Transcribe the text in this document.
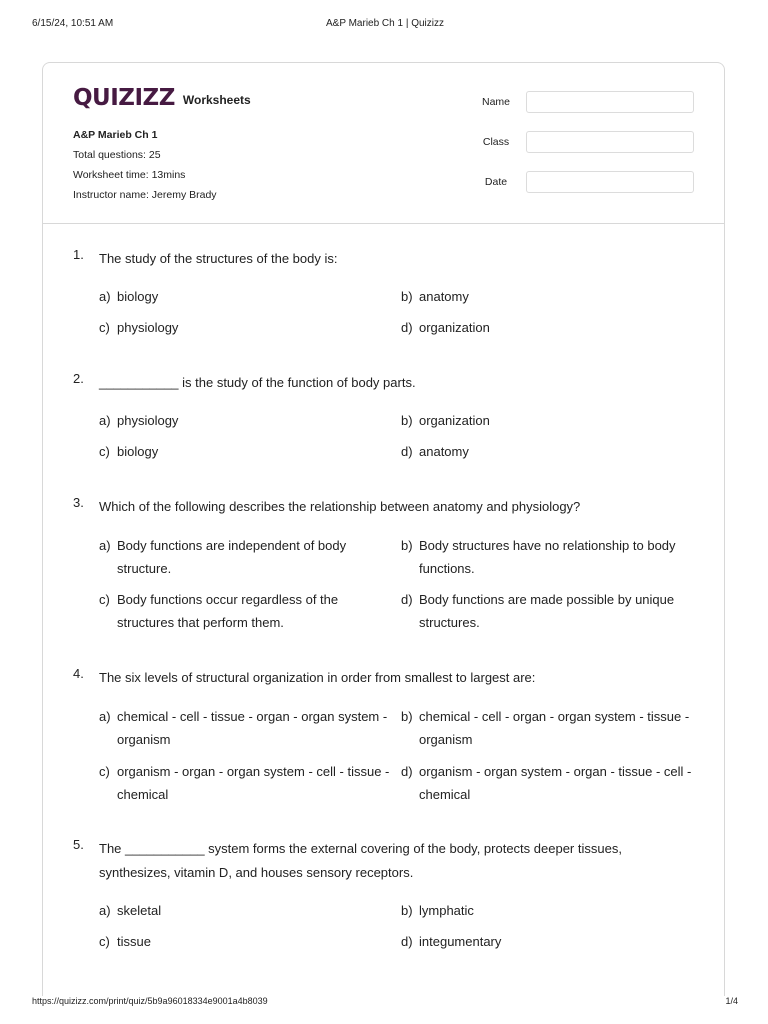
6/15/24, 10:51 AM	A&P Marieb Ch 1 | Quizizz
QUIZIZZ Worksheets
A&P Marieb Ch 1
Total questions: 25
Worksheet time: 13mins
Instructor name: Jeremy Brady
Name
Class
Date
1. The study of the structures of the body is:
a) biology	b) anatomy
c) physiology	d) organization
2. ___________ is the study of the function of body parts.
a) physiology	b) organization
c) biology	d) anatomy
3. Which of the following describes the relationship between anatomy and physiology?
a) Body functions are independent of body structure.
b) Body structures have no relationship to body functions.
c) Body functions occur regardless of the structures that perform them.
d) Body functions are made possible by unique structures.
4. The six levels of structural organization in order from smallest to largest are:
a) chemical - cell - tissue - organ - organ system - organism
b) chemical - cell - organ - organ system - tissue - organism
c) organism - organ - organ system - cell - tissue - chemical
d) organism - organ system - organ - tissue - cell - chemical
5. The ___________ system forms the external covering of the body, protects deeper tissues, synthesizes, vitamin D, and houses sensory receptors.
a) skeletal	b) lymphatic
c) tissue	d) integumentary
https://quizizz.com/print/quiz/5b9a96018334e9001a4b8039	1/4
